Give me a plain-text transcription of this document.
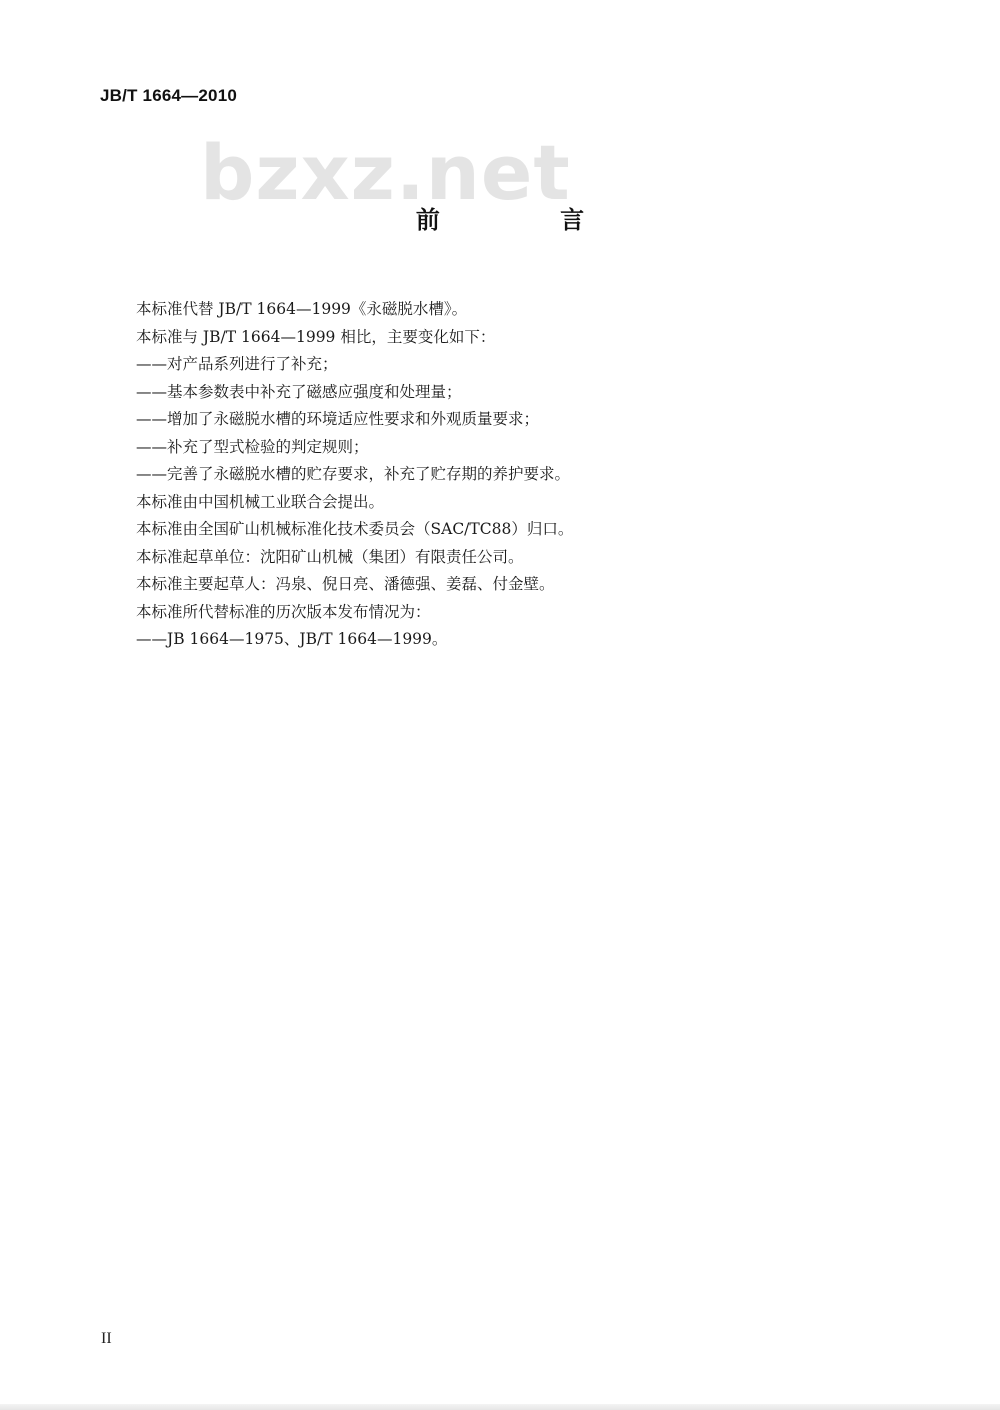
JB/T 1664—2010
bzxz.net
前 言
本标准代替 JB/T 1664—1999《永磁脱水槽》。
本标准与 JB/T 1664—1999 相比，主要变化如下：
——对产品系列进行了补充；
——基本参数表中补充了磁感应强度和处理量；
——增加了永磁脱水槽的环境适应性要求和外观质量要求；
——补充了型式检验的判定规则；
——完善了永磁脱水槽的贮存要求，补充了贮存期的养护要求。
本标准由中国机械工业联合会提出。
本标准由全国矿山机械标准化技术委员会（SAC/TC88）归口。
本标准起草单位：沈阳矿山机械（集团）有限责任公司。
本标准主要起草人：冯泉、倪日亮、潘德强、姜磊、付金壁。
本标准所代替标准的历次版本发布情况为：
——JB 1664—1975、JB/T 1664—1999。
II
